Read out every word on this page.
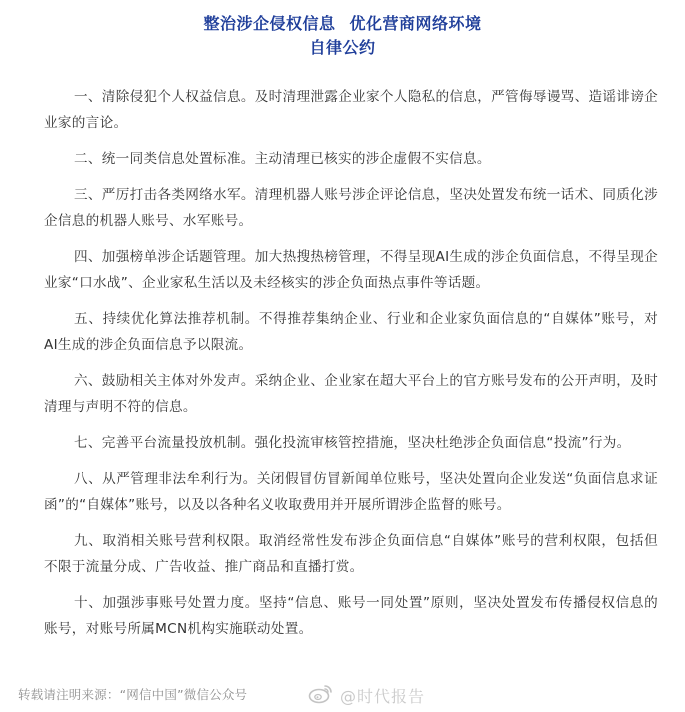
整治涉企侵权信息 优化营商网络环境
自律公约

一、清除侵犯个人权益信息。及时清理泄露企业家个人隐私的信息，严管侮辱谩骂、造谣诽谤企业家的言论。

二、统一同类信息处置标准。主动清理已核实的涉企虚假不实信息。

三、严厉打击各类网络水军。清理机器人账号涉企评论信息，坚决处置发布统一话术、同质化涉企信息的机器人账号、水军账号。

四、加强榜单涉企话题管理。加大热搜热榜管理，不得呈现AI生成的涉企负面信息，不得呈现企业家“口水战”、企业家私生活以及未经核实的涉企负面热点事件等话题。

五、持续优化算法推荐机制。不得推荐集纳企业、行业和企业家负面信息的“自媒体”账号，对AI生成的涉企负面信息予以限流。

六、鼓励相关主体对外发声。采纳企业、企业家在超大平台上的官方账号发布的公开声明，及时清理与声明不符的信息。

七、完善平台流量投放机制。强化投流审核管控措施，坚决杜绝涉企负面信息“投流”行为。

八、从严管理非法牟利行为。关闭假冒仿冒新闻单位账号，坚决处置向企业发送“负面信息求证函”的“自媒体”账号，以及以各种名义收取费用并开展所谓涉企监督的账号。

九、取消相关账号营利权限。取消经常性发布涉企负面信息“自媒体”账号的营利权限，包括但不限于流量分成、广告收益、推广商品和直播打赏。

十、加强涉事账号处置力度。坚持“信息、账号一同处置”原则，坚决处置发布传播侵权信息的账号，对账号所属MCN机构实施联动处置。

转载请注明来源：“网信中国”微信公众号	@时代报告
